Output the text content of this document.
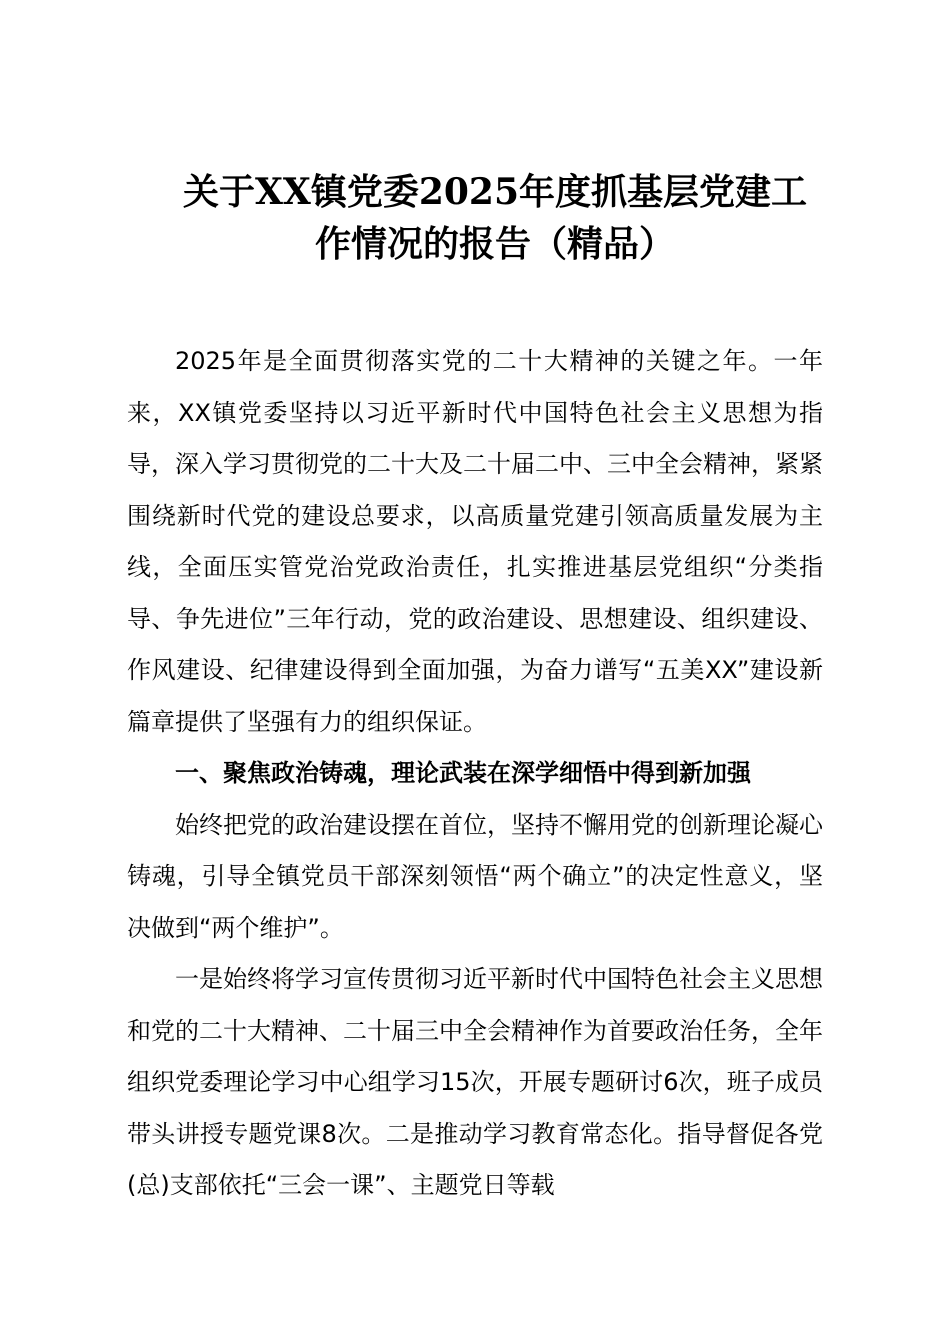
关于XX镇党委2025年度抓基层党建工
作情况的报告（精品）

2025年是全面贯彻落实党的二十大精神的关键之年。一年来，XX镇党委坚持以习近平新时代中国特色社会主义思想为指导，深入学习贯彻党的二十大及二十届二中、三中全会精神，紧紧围绕新时代党的建设总要求，以高质量党建引领高质量发展为主线，全面压实管党治党政治责任，扎实推进基层党组织“分类指导、争先进位”三年行动，党的政治建设、思想建设、组织建设、作风建设、纪律建设得到全面加强，为奋力谱写“五美XX”建设新篇章提供了坚强有力的组织保证。

一、聚焦政治铸魂，理论武装在深学细悟中得到新加强

始终把党的政治建设摆在首位，坚持不懈用党的创新理论凝心铸魂，引导全镇党员干部深刻领悟“两个确立”的决定性意义，坚决做到“两个维护”。

一是始终将学习宣传贯彻习近平新时代中国特色社会主义思想和党的二十大精神、二十届三中全会精神作为首要政治任务，全年组织党委理论学习中心组学习15次，开展专题研讨6次，班子成员带头讲授专题党课8次。二是推动学习教育常态化。指导督促各党(总)支部依托“三会一课”、主题党日等载
